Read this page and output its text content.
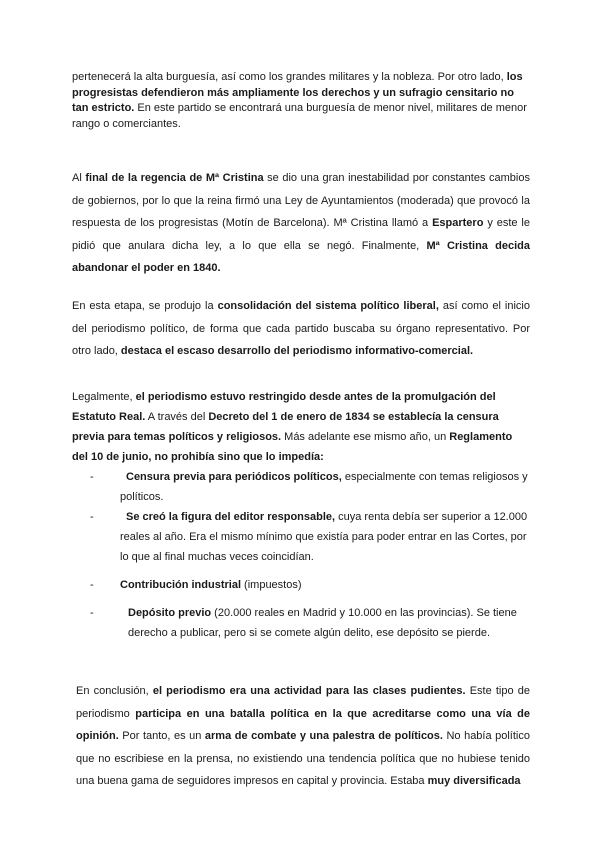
pertenecerá la alta burguesía, así como los grandes militares y la nobleza. Por otro lado, los progresistas defendieron más ampliamente los derechos y un sufragio censitario no tan estricto. En este partido se encontrará una burguesía de menor nivel, militares de menor rango o comerciantes.

Al final de la regencia de Mª Cristina se dio una gran inestabilidad por constantes cambios de gobiernos, por lo que la reina firmó una Ley de Ayuntamientos (moderada) que provocó la respuesta de los progresistas (Motín de Barcelona). Mª Cristina llamó a Espartero y este le pidió que anulara dicha ley, a lo que ella se negó. Finalmente, Mª Cristina decida abandonar el poder en 1840.

En esta etapa, se produjo la consolidación del sistema político liberal, así como el inicio del periodismo político, de forma que cada partido buscaba su órgano representativo. Por otro lado, destaca el escaso desarrollo del periodismo informativo-comercial.

Legalmente, el periodismo estuvo restringido desde antes de la promulgación del Estatuto Real. A través del Decreto del 1 de enero de 1834 se establecía la censura previa para temas políticos y religiosos. Más adelante ese mismo año, un Reglamento del 10 de junio, no prohibía sino que lo impedía:

-	Censura previa para periódicos políticos, especialmente con temas religiosos y políticos.
-	Se creó la figura del editor responsable, cuya renta debía ser superior a 12.000 reales al año. Era el mismo mínimo que existía para poder entrar en las Cortes, por lo que al final muchas veces coincidían.
- Contribución industrial (impuestos)
-	Depósito previo (20.000 reales en Madrid y 10.000 en las provincias). Se tiene derecho a publicar, pero si se comete algún delito, ese depósito se pierde.

En conclusión, el periodismo era una actividad para las clases pudientes. Este tipo de periodismo participa en una batalla política en la que acreditarse como una vía de opinión. Por tanto, es un arma de combate y una palestra de políticos. No había político que no escribiese en la prensa, no existiendo una tendencia política que no hubiese tenido una buena gama de seguidores impresos en capital y provincia. Estaba muy diversificada
